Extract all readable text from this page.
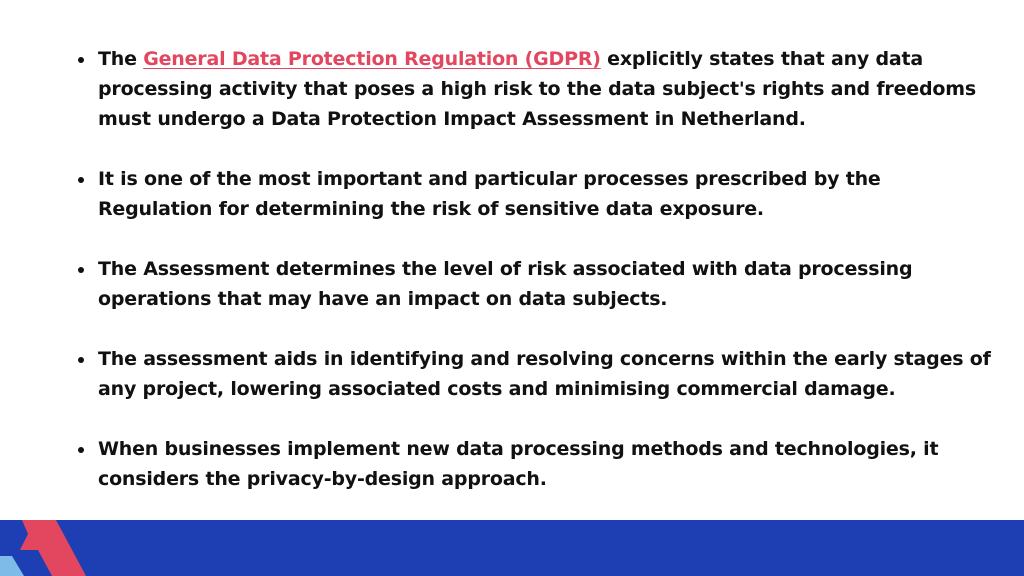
The General Data Protection Regulation (GDPR) explicitly states that any data processing activity that poses a high risk to the data subject's rights and freedoms must undergo a Data Protection Impact Assessment in Netherland.
It is one of the most important and particular processes prescribed by the Regulation for determining the risk of sensitive data exposure.
The Assessment determines the level of risk associated with data processing operations that may have an impact on data subjects.
The assessment aids in identifying and resolving concerns within the early stages of any project, lowering associated costs and minimising commercial damage.
When businesses implement new data processing methods and technologies, it considers the privacy-by-design approach.
